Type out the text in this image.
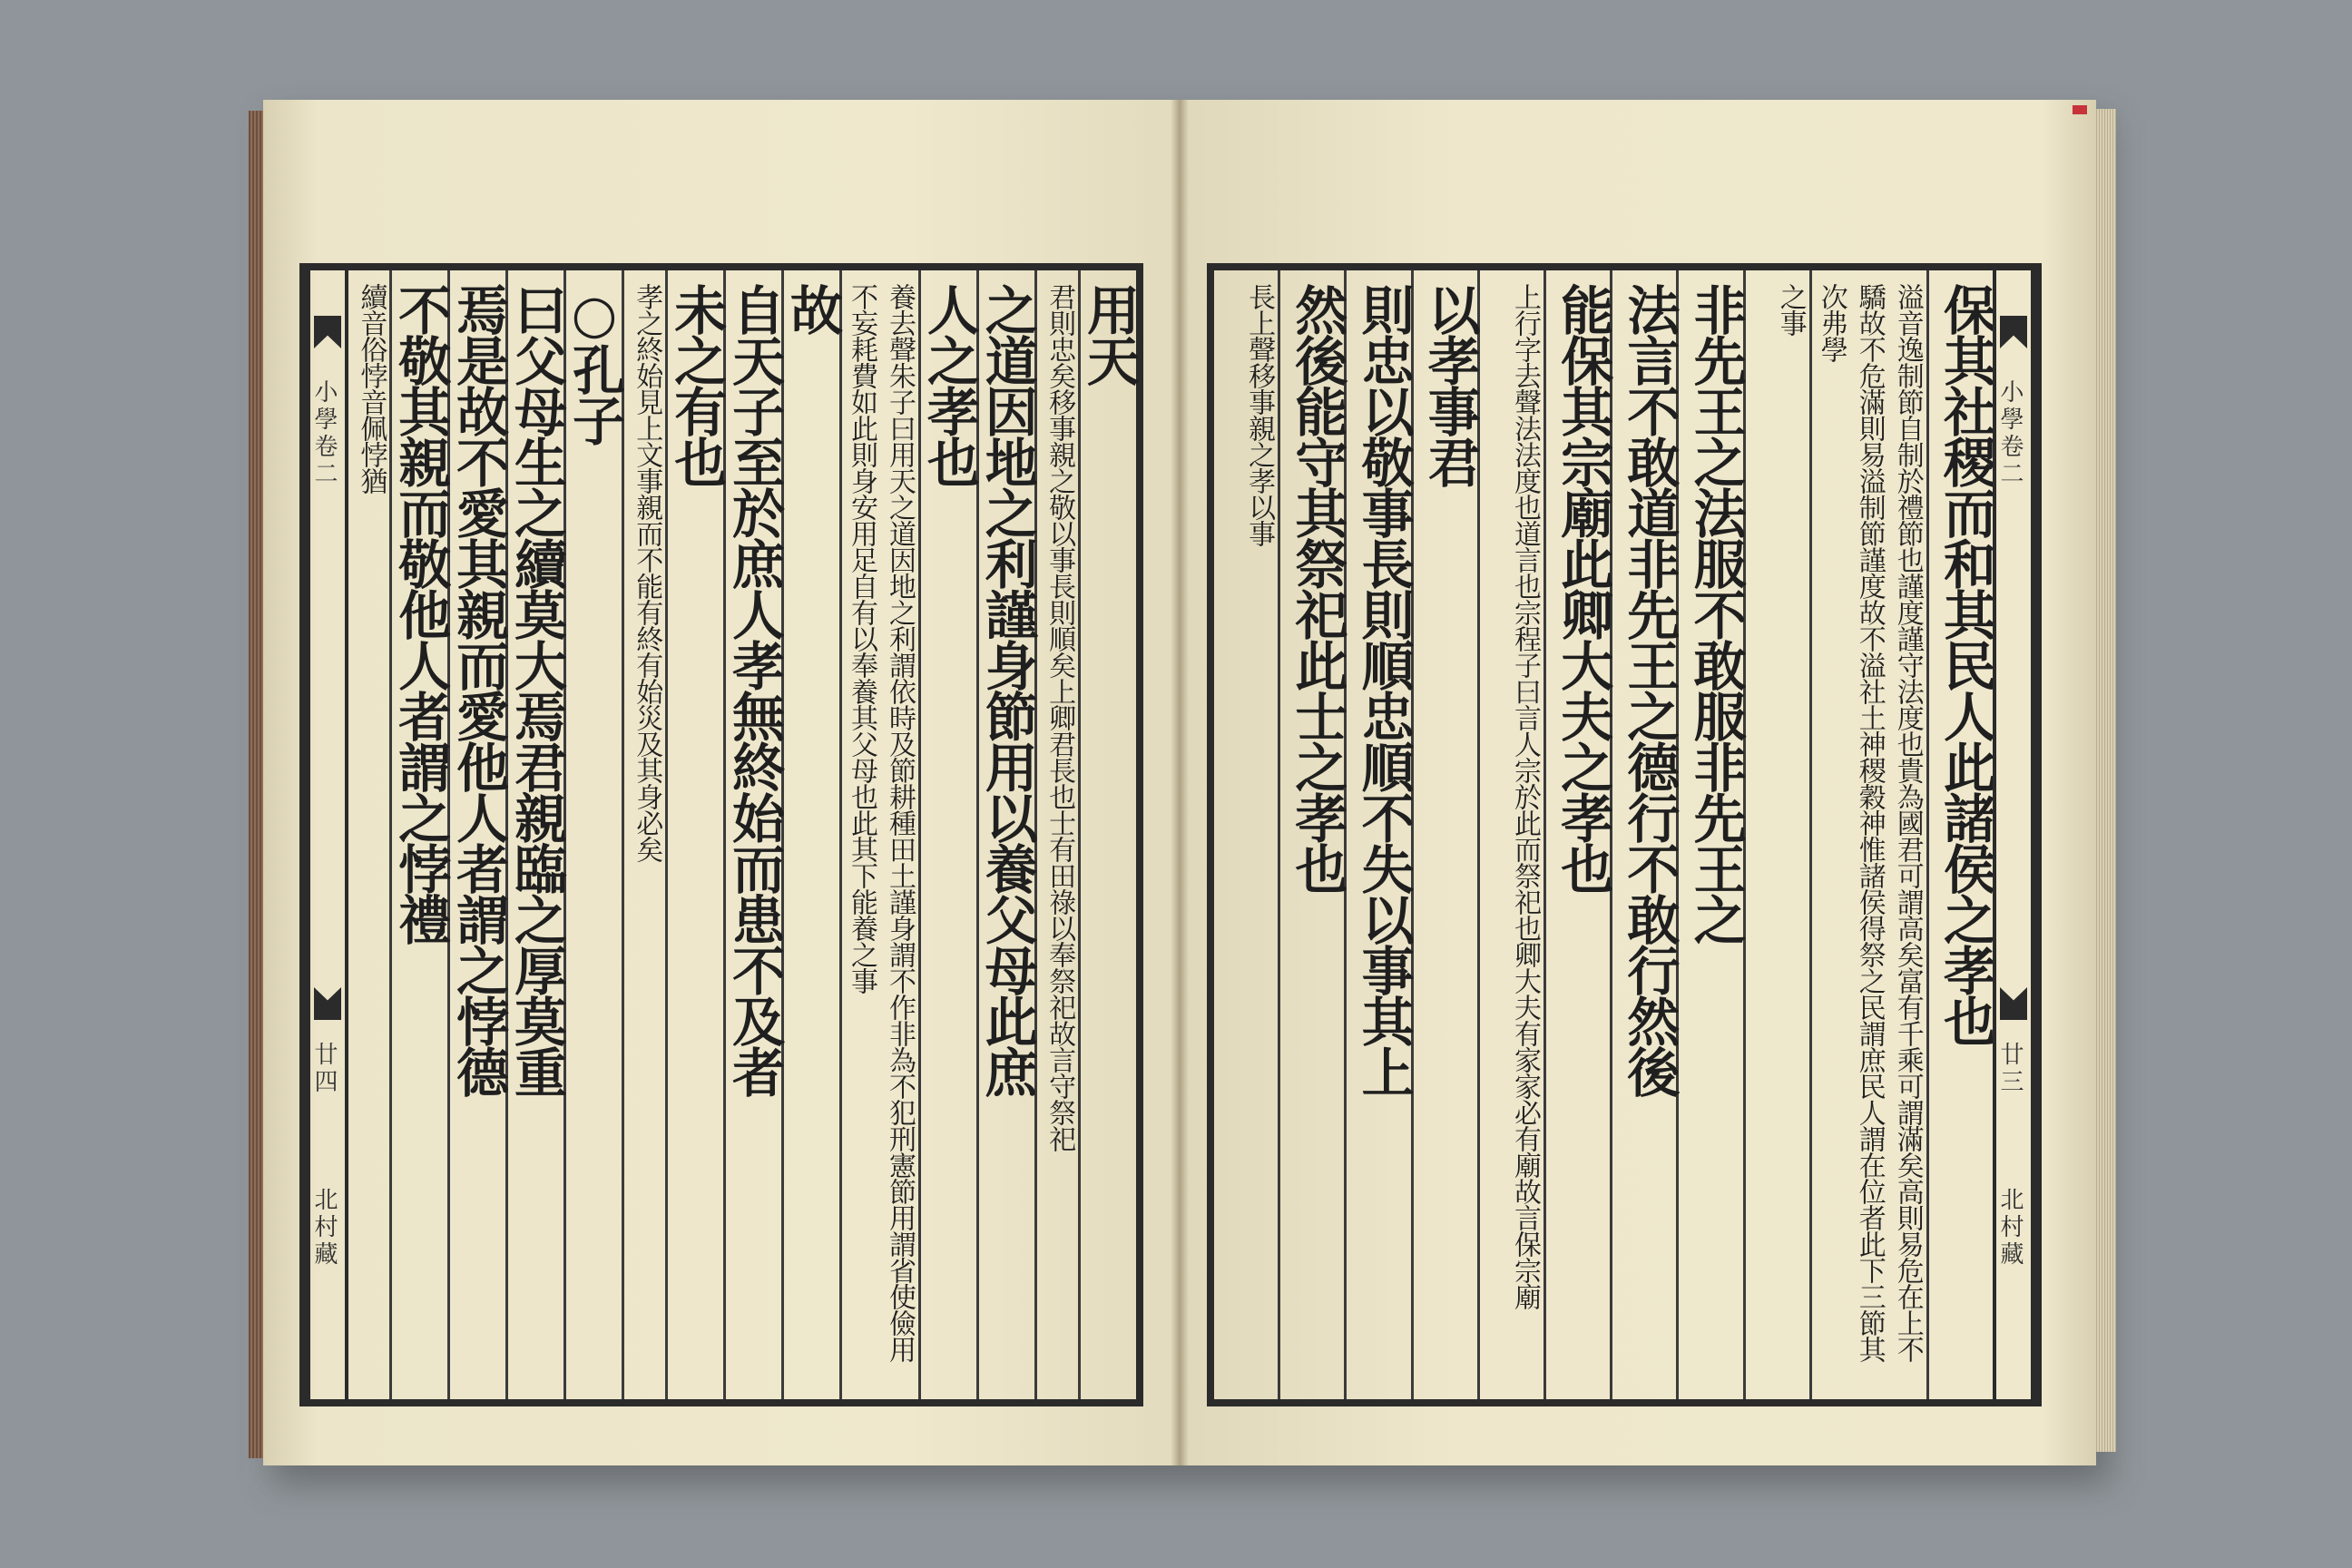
用天
君則忠矣移事親之敬以事長則順矣上卿君長也士有田祿以奉祭祀故言守祭祀
之道因地之利謹身節用以養父母此庶
人之孝也
養去聲朱子曰用天之道因地之利謂依時及節耕種田土謹身謂不作非為不犯刑憲節用謂省使儉用不妄耗費如此則身安用足自有以奉養其父母也此其下能養之事
故
自天子至於庶人孝無終始而患不及者
未之有也
孝之終始見上文事親而不能有終有始災及其身必矣
○孔子
曰父母生之續莫大焉君親臨之厚莫重
焉是故不愛其親而愛他人者謂之悖德
不敬其親而敬他人者謂之悖禮
續音俗悖音佩悖猶
小學卷二
廿四
北村藏
保其社稷而和其民人此諸侯之孝也
溢音逸制節自制於禮節也謹度謹守法度也貴為國君可謂高矣富有千乘可謂滿矣高則易危在上不驕故不危滿則易溢制節謹度故不溢社土神稷穀神惟諸侯得祭之民謂庶民人謂在位者此下三節其次弗學
之事
非先王之法服不敢服非先王之
法言不敢道非先王之德行不敢行然後
能保其宗廟此卿大夫之孝也
上行字去聲法法度也道言也宗程子曰言人宗於此而祭祀也卿大夫有家家必有廟故言保宗廟
以孝事君
則忠以敬事長則順忠順不失以事其上
然後能守其祭祀此士之孝也
長上聲移事親之孝以事	小學卷二
廿三
北村藏
